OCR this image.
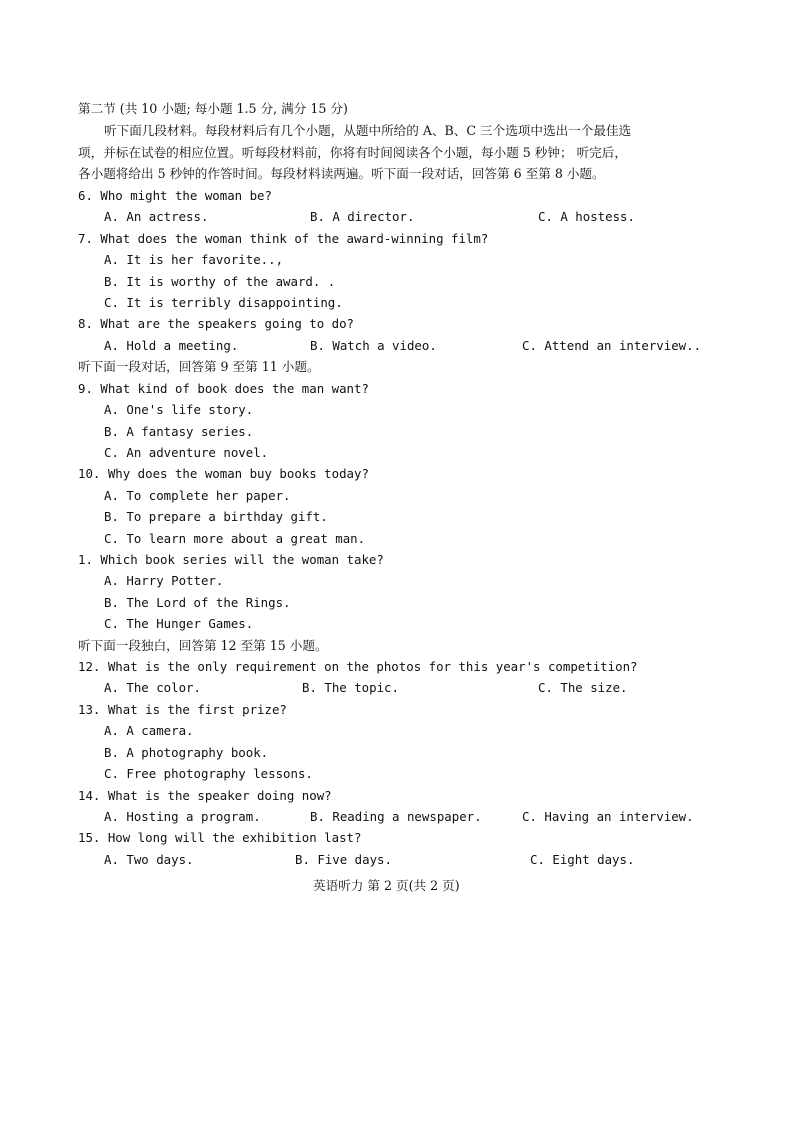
第二节 (共 10 小题; 每小题 1.5 分, 满分 15 分)
听下面几段材料。每段材料后有几个小题，从题中所给的 A、B、C 三个选项中选出一个最佳选
项，并标在试卷的相应位置。听每段材料前，你将有时间阅读各个小题，每小题 5 秒钟； 听完后，
各小题将给出 5 秒钟的作答时间。每段材料读两遍。听下面一段对话，回答第 6 至第 8 小题。
6. Who might the woman be?
A. An actress.	B. A director.	C. A hostess.
7. What does the woman think of the award-winning film?
A. It is her favorite..,
B. It is worthy of the award. .
C. It is terribly disappointing.
8. What are the speakers going to do?
A. Hold a meeting.	B. Watch a video.	C. Attend an interview..
听下面一段对话，回答第 9 至第 11 小题。
9. What kind of book does the man want?
A. One's life story.
B. A fantasy series.
C. An adventure novel.
10. Why does the woman buy books today?
A. To complete her paper.
B. To prepare a birthday gift.
C. To learn more about a great man.
1. Which book series will the woman take?
A. Harry Potter.
B. The Lord of the Rings.
C. The Hunger Games.
听下面一段独白，回答第 12 至第 15 小题。
12. What is the only requirement on the photos for this year's competition?
A. The color.	B. The topic.	C. The size.
13. What is the first prize?
A. A camera.
B. A photography book.
C. Free photography lessons.
14. What is the speaker doing now?
A. Hosting a program.	B. Reading a newspaper.	C. Having an interview.
15. How long will the exhibition last?
A. Two days.	B. Five days.	C. Eight days.
英语听力 第 2 页(共 2 页)
